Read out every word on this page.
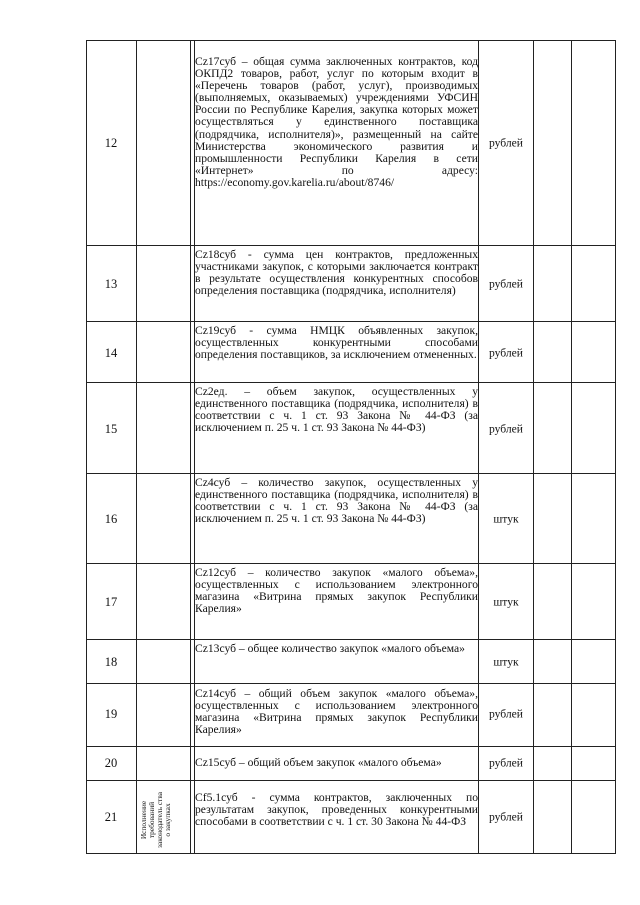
12
13
14
15
16
17
18
19
20
21

Cz17суб – общая сумма заключенных контрактов, код ОКПД2 товаров, работ, услуг по которым входит в «Перечень товаров (работ, услуг), производимых (выполняемых, оказываемых) учреждениями УФСИН России по Республике Карелия, закупка которых может осуществляться у единственного поставщика (подрядчика, исполнителя)», размещенный на сайте Министерства экономического развития и промышленности Республики Карелия в сети «Интернет» по адресу: https://economy.gov.karelia.ru/about/8746/

Cz18суб - сумма цен контрактов, предложенных участниками закупок, с которыми заключается контракт в результате осуществления конкурентных способов определения поставщика (подрядчика, исполнителя)

Cz19суб - сумма НМЦК объявленных закупок, осуществленных конкурентными способами определения поставщиков, за исключением отмененных.

Cz2ед. – объем закупок, осуществленных у единственного поставщика (подрядчика, исполнителя) в соответствии с ч. 1 ст. 93 Закона № 44-ФЗ (за исключением п. 25 ч. 1 ст. 93 Закона № 44-ФЗ)

Cz4суб – количество закупок, осуществленных у единственного поставщика (подрядчика, исполнителя) в соответствии с ч. 1 ст. 93 Закона № 44-ФЗ (за исключением п. 25 ч. 1 ст. 93 Закона № 44-ФЗ)

Cz12суб – количество закупок «малого объема», осуществленных с использованием электронного магазина «Витрина прямых закупок Республики Карелия»

Cz13суб – общее количество закупок «малого объема»

Cz14суб – общий объем закупок «малого объема», осуществленных с использованием электронного магазина «Витрина прямых закупок Республики Карелия»

Cz15суб – общий объем закупок «малого объема»

Cf5.1суб - сумма контрактов, заключенных по результатам закупок, проведенных конкурентными способами в соответствии с ч. 1 ст. 30 Закона № 44-ФЗ

рублей
рублей
рублей
рублей
штук
штук
штук
рублей
рублей
рублей
Исполнение требований законодатель ства о закупках
